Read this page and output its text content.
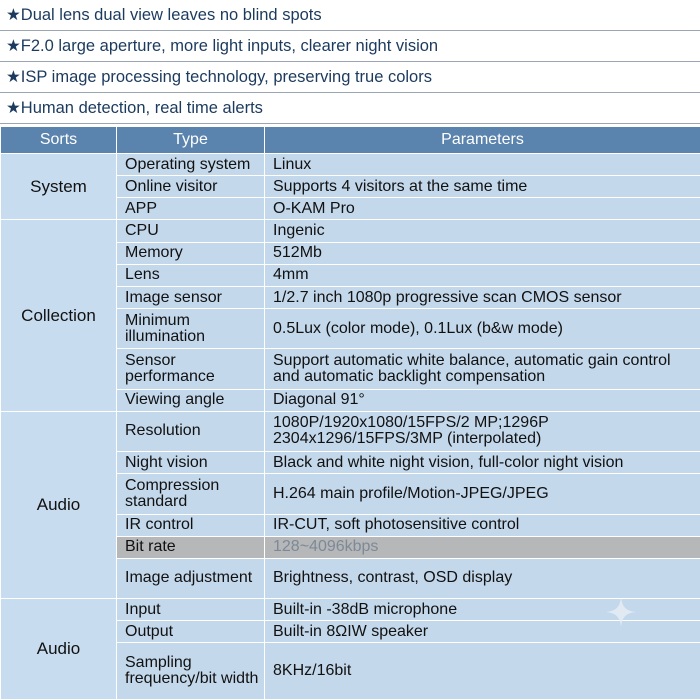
★Dual lens dual view leaves no blind spots
★F2.0 large aperture, more light inputs, clearer night vision
★ISP image processing technology, preserving true colors
★Human detection, real time alerts
Sorts	Type	Parameters
System	Operating system	Linux
	Online visitor	Supports 4 visitors at the same time
	APP	O-KAM Pro
Collection	CPU	Ingenic
	Memory	512Mb
	Lens	4mm
	Image sensor	1/2.7 inch 1080p progressive scan CMOS sensor
	Minimum illumination	0.5Lux (color mode), 0.1Lux (b&w mode)
	Sensor performance	Support automatic white balance, automatic gain control and automatic backlight compensation
	Viewing angle	Diagonal 91°
Audio	Resolution	1080P/1920x1080/15FPS/2 MP;1296P 2304x1296/15FPS/3MP (interpolated)
	Night vision	Black and white night vision, full-color night vision
	Compression standard	H.264 main profile/Motion-JPEG/JPEG
	IR control	IR-CUT, soft photosensitive control
	Bit rate	128~4096kbps
	Image adjustment	Brightness, contrast, OSD display
Audio	Input	Built-in -38dB microphone
	Output	Built-in 8ΩIW speaker
	Sampling frequency/bit width	8KHz/16bit
